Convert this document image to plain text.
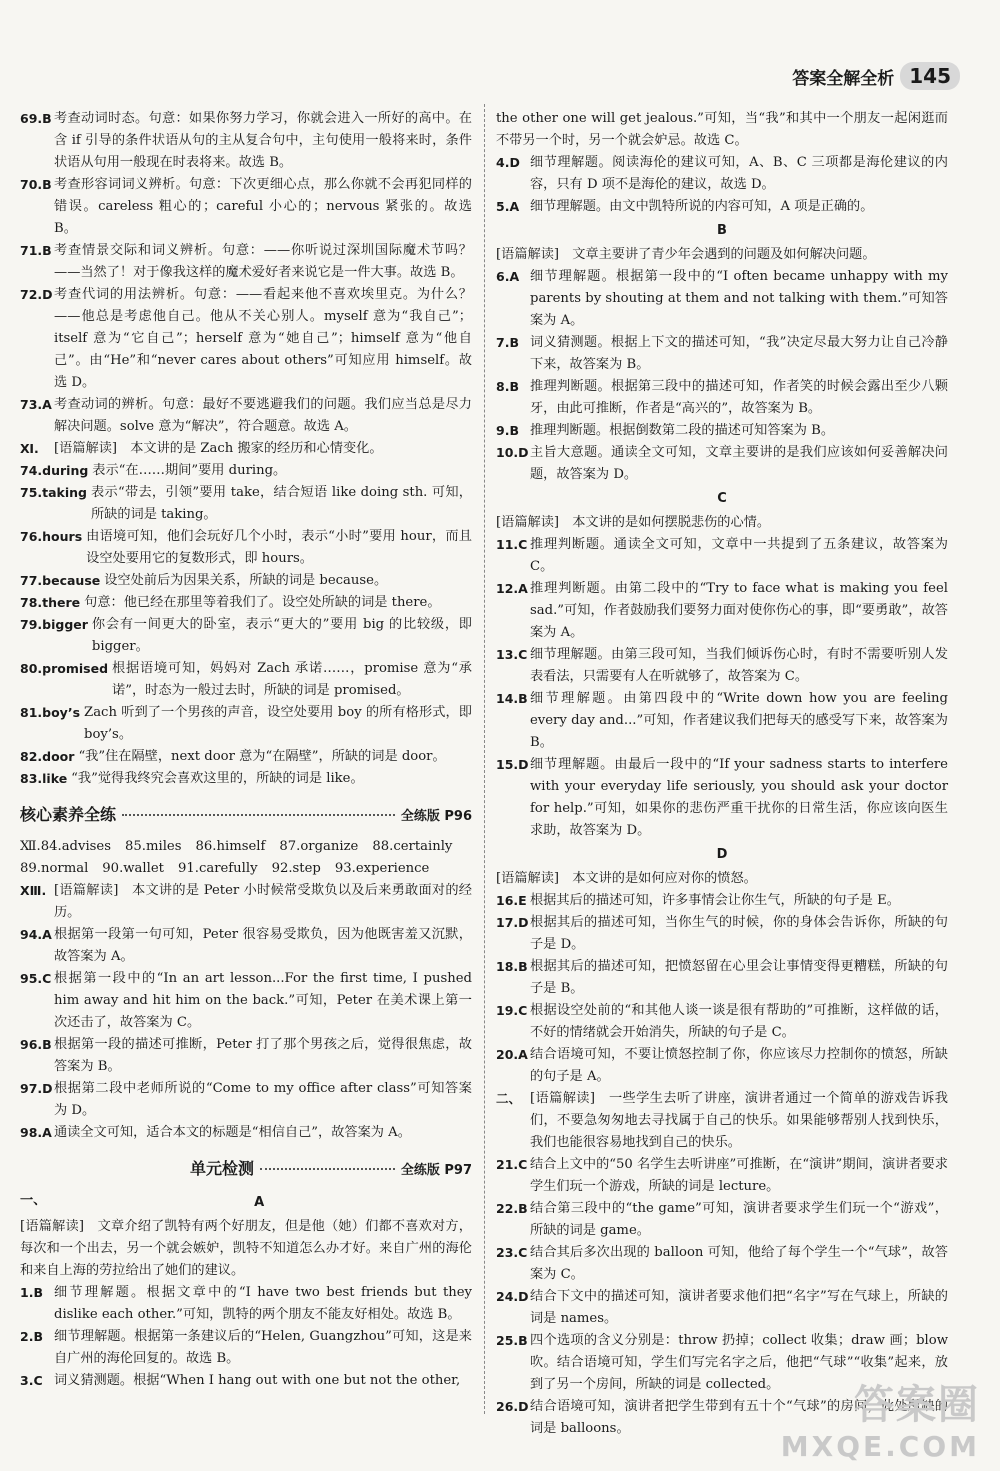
答案全解全析 145
69.B 考查动词时态。句意：如果你努力学习，你就会进入一所好的高中。在含 if 引导的条件状语从句的主从复合句中，主句使用一般将来时，条件状语从句用一般现在时表将来。故选 B。
70.B 考查形容词词义辨析。句意：下次更细心点，那么你就不会再犯同样的错误。careless 粗心的；careful 小心的；nervous 紧张的。故选 B。
71.B 考查情景交际和词义辨析。句意：——你听说过深圳国际魔术节吗？——当然了！对于像我这样的魔术爱好者来说它是一件大事。故选 B。
72.D 考查代词的用法辨析。句意：——看起来他不喜欢埃里克。为什么？——他总是考虑他自己。他从不关心别人。myself 意为“我自己”；itself 意为“它自己”；herself 意为“她自己”；himself 意为“他自己”。由“He”和“never cares about others”可知应用 himself。故选 D。
73.A 考查动词的辨析。句意：最好不要逃避我们的问题。我们应当总是尽力解决问题。solve 意为“解决”，符合题意。故选 A。
Ⅺ.	[语篇解读]　本文讲的是 Zach 搬家的经历和心情变化。
74.during 表示“在……期间”要用 during。
75.taking 表示“带去，引领”要用 take，结合短语 like doing sth. 可知，所缺的词是 taking。
76.hours 由语境可知，他们会玩好几个小时，表示“小时”要用 hour，而且设空处要用它的复数形式，即 hours。
77.because 设空处前后为因果关系，所缺的词是 because。
78.there 句意：他已经在那里等着我们了。设空处所缺的词是 there。
79.bigger 你会有一间更大的卧室，表示“更大的”要用 big 的比较级，即 bigger。
80.promised 根据语境可知，妈妈对 Zach 承诺……，promise 意为“承诺”，时态为一般过去时，所缺的词是 promised。
81.boy’s Zach 听到了一个男孩的声音，设空处要用 boy 的所有格形式，即 boy’s。
82.door “我”住在隔壁，next door 意为“在隔壁”，所缺的词是 door。
83.like “我”觉得我终究会喜欢这里的，所缺的词是 like。
核心素养全练	全练版 P96
Ⅻ.84.advises 85.miles 86.himself 87.organize 88.certainly
89.normal 90.wallet 91.carefully 92.step 93.experience
ⅩⅢ. [语篇解读]　本文讲的是 Peter 小时候常受欺负以及后来勇敢面对的经历。
94.A 根据第一段第一句可知，Peter 很容易受欺负，因为他既害羞又沉默，故答案为 A。
95.C 根据第一段中的“In an art lesson...For the first time, I pushed him away and hit him on the back.”可知，Peter 在美术课上第一次还击了，故答案为 C。
96.B 根据第一段的描述可推断，Peter 打了那个男孩之后，觉得很焦虑，故答案为 B。
97.D 根据第二段中老师所说的“Come to my office after class”可知答案为 D。
98.A 通读全文可知，适合本文的标题是“相信自己”，故答案为 A。
单元检测	全练版 P97
一、	A
[语篇解读]　文章介绍了凯特有两个好朋友，但是他（她）们都不喜欢对方，每次和一个出去，另一个就会嫉妒，凯特不知道怎么办才好。来自广州的海伦和来自上海的劳拉给出了她们的建议。
1.B 细节理解题。根据文章中的“I have two best friends but they dislike each other.”可知，凯特的两个朋友不能友好相处。故选 B。
2.B 细节理解题。根据第一条建议后的“Helen, Guangzhou”可知，这是来自广州的海伦回复的。故选 B。
3.C 词义猜测题。根据“When I hang out with one but not the other,
the other one will get jealous.”可知，当“我”和其中一个朋友一起闲逛而不带另一个时，另一个就会妒忌。故选 C。
4.D 细节理解题。阅读海伦的建议可知，A、B、C 三项都是海伦建议的内容，只有 D 项不是海伦的建议，故选 D。
5.A 细节理解题。由文中凯特所说的内容可知，A 项是正确的。
B
[语篇解读]　文章主要讲了青少年会遇到的问题及如何解决问题。
6.A 细节理解题。根据第一段中的“I often became unhappy with my parents by shouting at them and not talking with them.”可知答案为 A。
7.B 词义猜测题。根据上下文的描述可知，“我”决定尽最大努力让自己冷静下来，故答案为 B。
8.B 推理判断题。根据第三段中的描述可知，作者笑的时候会露出至少八颗牙，由此可推断，作者是“高兴的”，故答案为 B。
9.B 推理判断题。根据倒数第二段的描述可知答案为 B。
10.D 主旨大意题。通读全文可知，文章主要讲的是我们应该如何妥善解决问题，故答案为 D。
C
[语篇解读]　本文讲的是如何摆脱悲伤的心情。
11.C 推理判断题。通读全文可知，文章中一共提到了五条建议，故答案为 C。
12.A 推理判断题。由第二段中的“Try to face what is making you feel sad.”可知，作者鼓励我们要努力面对使你伤心的事，即“要勇敢”，故答案为 A。
13.C 细节理解题。由第三段可知，当我们倾诉伤心时，有时不需要听别人发表看法，只需要有人在听就够了，故答案为 C。
14.B 细节理解题。由第四段中的“Write down how you are feeling every day and...”可知，作者建议我们把每天的感受写下来，故答案为 B。
15.D 细节理解题。由最后一段中的“If your sadness starts to interfere with your everyday life seriously, you should ask your doctor for help.”可知，如果你的悲伤严重干扰你的日常生活，你应该向医生求助，故答案为 D。
D
[语篇解读]　本文讲的是如何应对你的愤怒。
16.E 根据其后的描述可知，许多事情会让你生气，所缺的句子是 E。
17.D 根据其后的描述可知，当你生气的时候，你的身体会告诉你，所缺的句子是 D。
18.B 根据其后的描述可知，把愤怒留在心里会让事情变得更糟糕，所缺的句子是 B。
19.C 根据设空处前的“和其他人谈一谈是很有帮助的”可推断，这样做的话，不好的情绪就会开始消失，所缺的句子是 C。
20.A 结合语境可知，不要让愤怒控制了你，你应该尽力控制你的愤怒，所缺的句子是 A。
二、 [语篇解读]　一些学生去听了讲座，演讲者通过一个简单的游戏告诉我们，不要急匆匆地去寻找属于自己的快乐。如果能够帮别人找到快乐，我们也能很容易地找到自己的快乐。
21.C 结合上文中的“50 名学生去听讲座”可推断，在“演讲”期间，演讲者要求学生们玩一个游戏，所缺的词是 lecture。
22.B 结合第三段中的“the game”可知，演讲者要求学生们玩一个“游戏”，所缺的词是 game。
23.C 结合其后多次出现的 balloon 可知，他给了每个学生一个“气球”，故答案为 C。
24.D 结合下文中的描述可知，演讲者要求他们把“名字”写在气球上，所缺的词是 names。
25.B 四个选项的含义分别是：throw 扔掉；collect 收集；draw 画；blow 吹。结合语境可知，学生们写完名字之后，他把“气球”“收集”起来，放到了另一个房间，所缺的词是 collected。
26.D 结合语境可知，演讲者把学生带到有五十个“气球”的房间，此处所缺的词是 balloons。
答案圈
MXQE.COM
